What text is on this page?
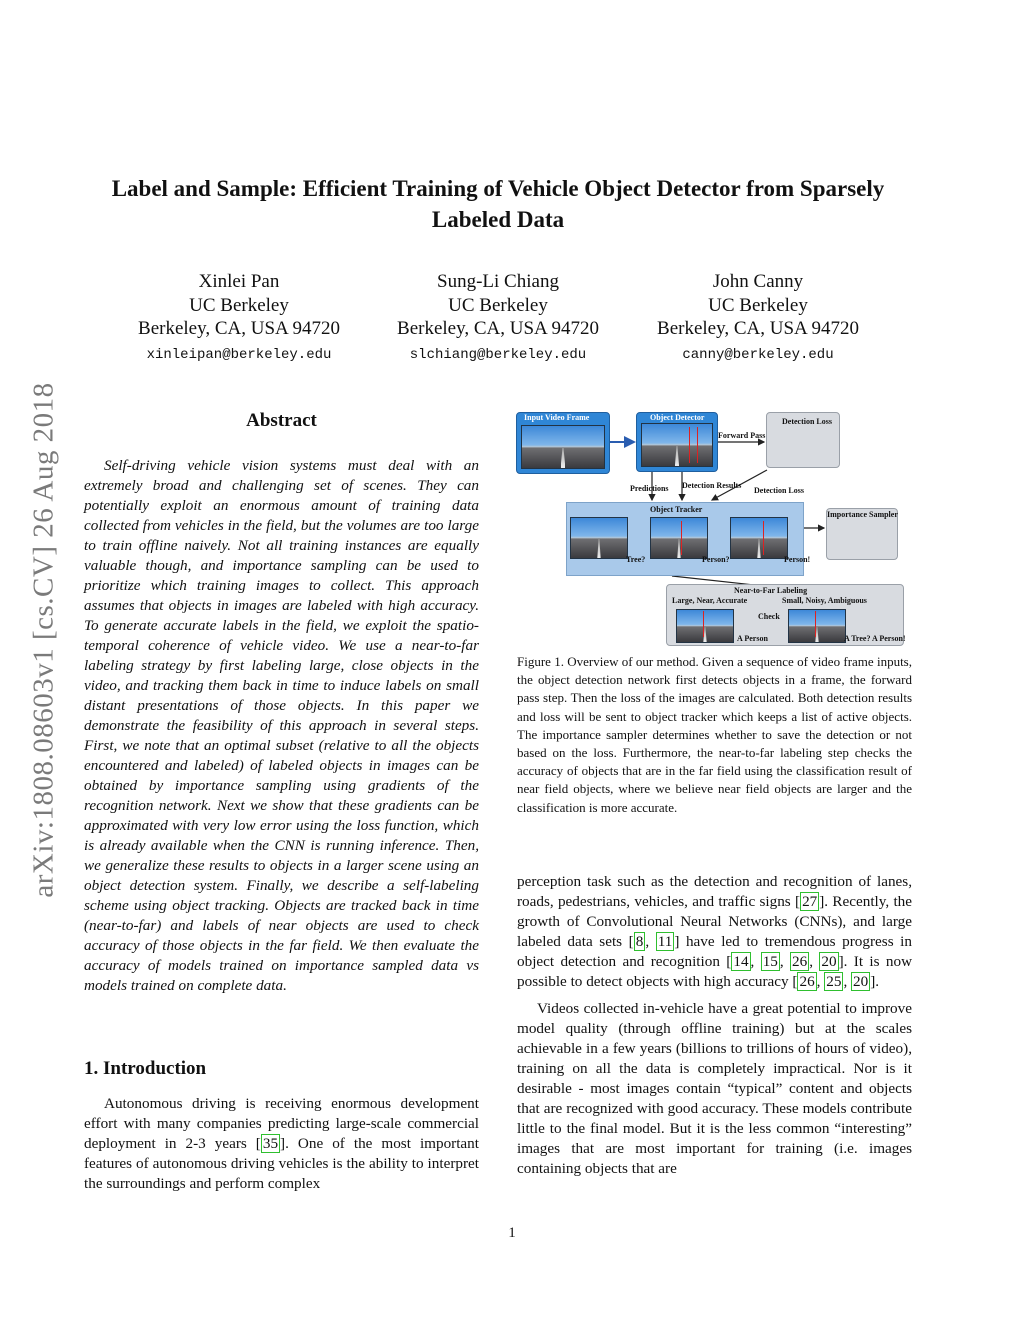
arXiv:1808.08603v1 [cs.CV] 26 Aug 2018
Label and Sample: Efficient Training of Vehicle Object Detector from Sparsely Labeled Data
Xinlei Pan
UC Berkeley
Berkeley, CA, USA 94720
xinleipan@berkeley.edu
Sung-Li Chiang
UC Berkeley
Berkeley, CA, USA 94720
slchiang@berkeley.edu
John Canny
UC Berkeley
Berkeley, CA, USA 94720
canny@berkeley.edu
Abstract
Self-driving vehicle vision systems must deal with an extremely broad and challenging set of scenes. They can potentially exploit an enormous amount of training data collected from vehicles in the field, but the volumes are too large to train offline naively. Not all training instances are equally valuable though, and importance sampling can be used to prioritize which training images to collect. This approach assumes that objects in images are labeled with high accuracy. To generate accurate labels in the field, we exploit the spatio-temporal coherence of vehicle video. We use a near-to-far labeling strategy by first labeling large, close objects in the video, and tracking them back in time to induce labels on small distant presentations of those objects. In this paper we demonstrate the feasibility of this approach in several steps. First, we note that an optimal subset (relative to all the objects encountered and labeled) of labeled objects in images can be obtained by importance sampling using gradients of the recognition network. Next we show that these gradients can be approximated with very low error using the loss function, which is already available when the CNN is running inference. Then, we generalize these results to objects in a larger scene using an object detection system. Finally, we describe a self-labeling scheme using object tracking. Objects are tracked back in time (near-to-far) and labels of near objects are used to check accuracy of those objects in the far field. We then evaluate the accuracy of models trained on importance sampled data vs models trained on complete data.
1. Introduction
Autonomous driving is receiving enormous development effort with many companies predicting large-scale commercial deployment in 2-3 years [ 35 ]. One of the most important features of autonomous driving vehicles is the ability to interpret the surroundings and perform complex
Input Video Frame	Object Detector
Forward Pass
Detection Loss
Predictions Detection Results
Detection Loss
Object Tracker
Tree?	Person?	Person!
Importance Sampler
Near-to-Far Labeling
Large, Near, Accurate	Small, Noisy, Ambiguous
Check
A Person	A Tree? A Person!
Figure 1. Overview of our method. Given a sequence of video frame inputs, the object detection network first detects objects in a frame, the forward pass step. Then the loss of the images are calculated. Both detection results and loss will be sent to object tracker which keeps a list of active objects. The importance sampler determines whether to save the detection or not based on the loss. Furthermore, the near-to-far labeling step checks the accuracy of objects that are in the far field using the classification result of near field objects, where we believe near field objects are larger and the classification is more accurate.

perception task such as the detection and recognition of lanes, roads, pedestrians, vehicles, and traffic signs [ 27 ]. Recently, the growth of Convolutional Neural Networks (CNNs), and large labeled data sets [ 8 , 11 ] have led to tremendous progress in object detection and recognition [ 14 , 15 , 26 , 20 ]. It is now possible to detect objects with high accuracy [ 26 , 25 , 20 ].

Videos collected in-vehicle have a great potential to improve model quality (through offline training) but at the scales achievable in a few years (billions to trillions of hours of video), training on all the data is completely impractical. Nor is it desirable - most images contain “typical” content and objects that are recognized with good accuracy. These models contribute little to the final model. But it is the less common “interesting” images that are most important for training (i.e. images containing objects that are

1
